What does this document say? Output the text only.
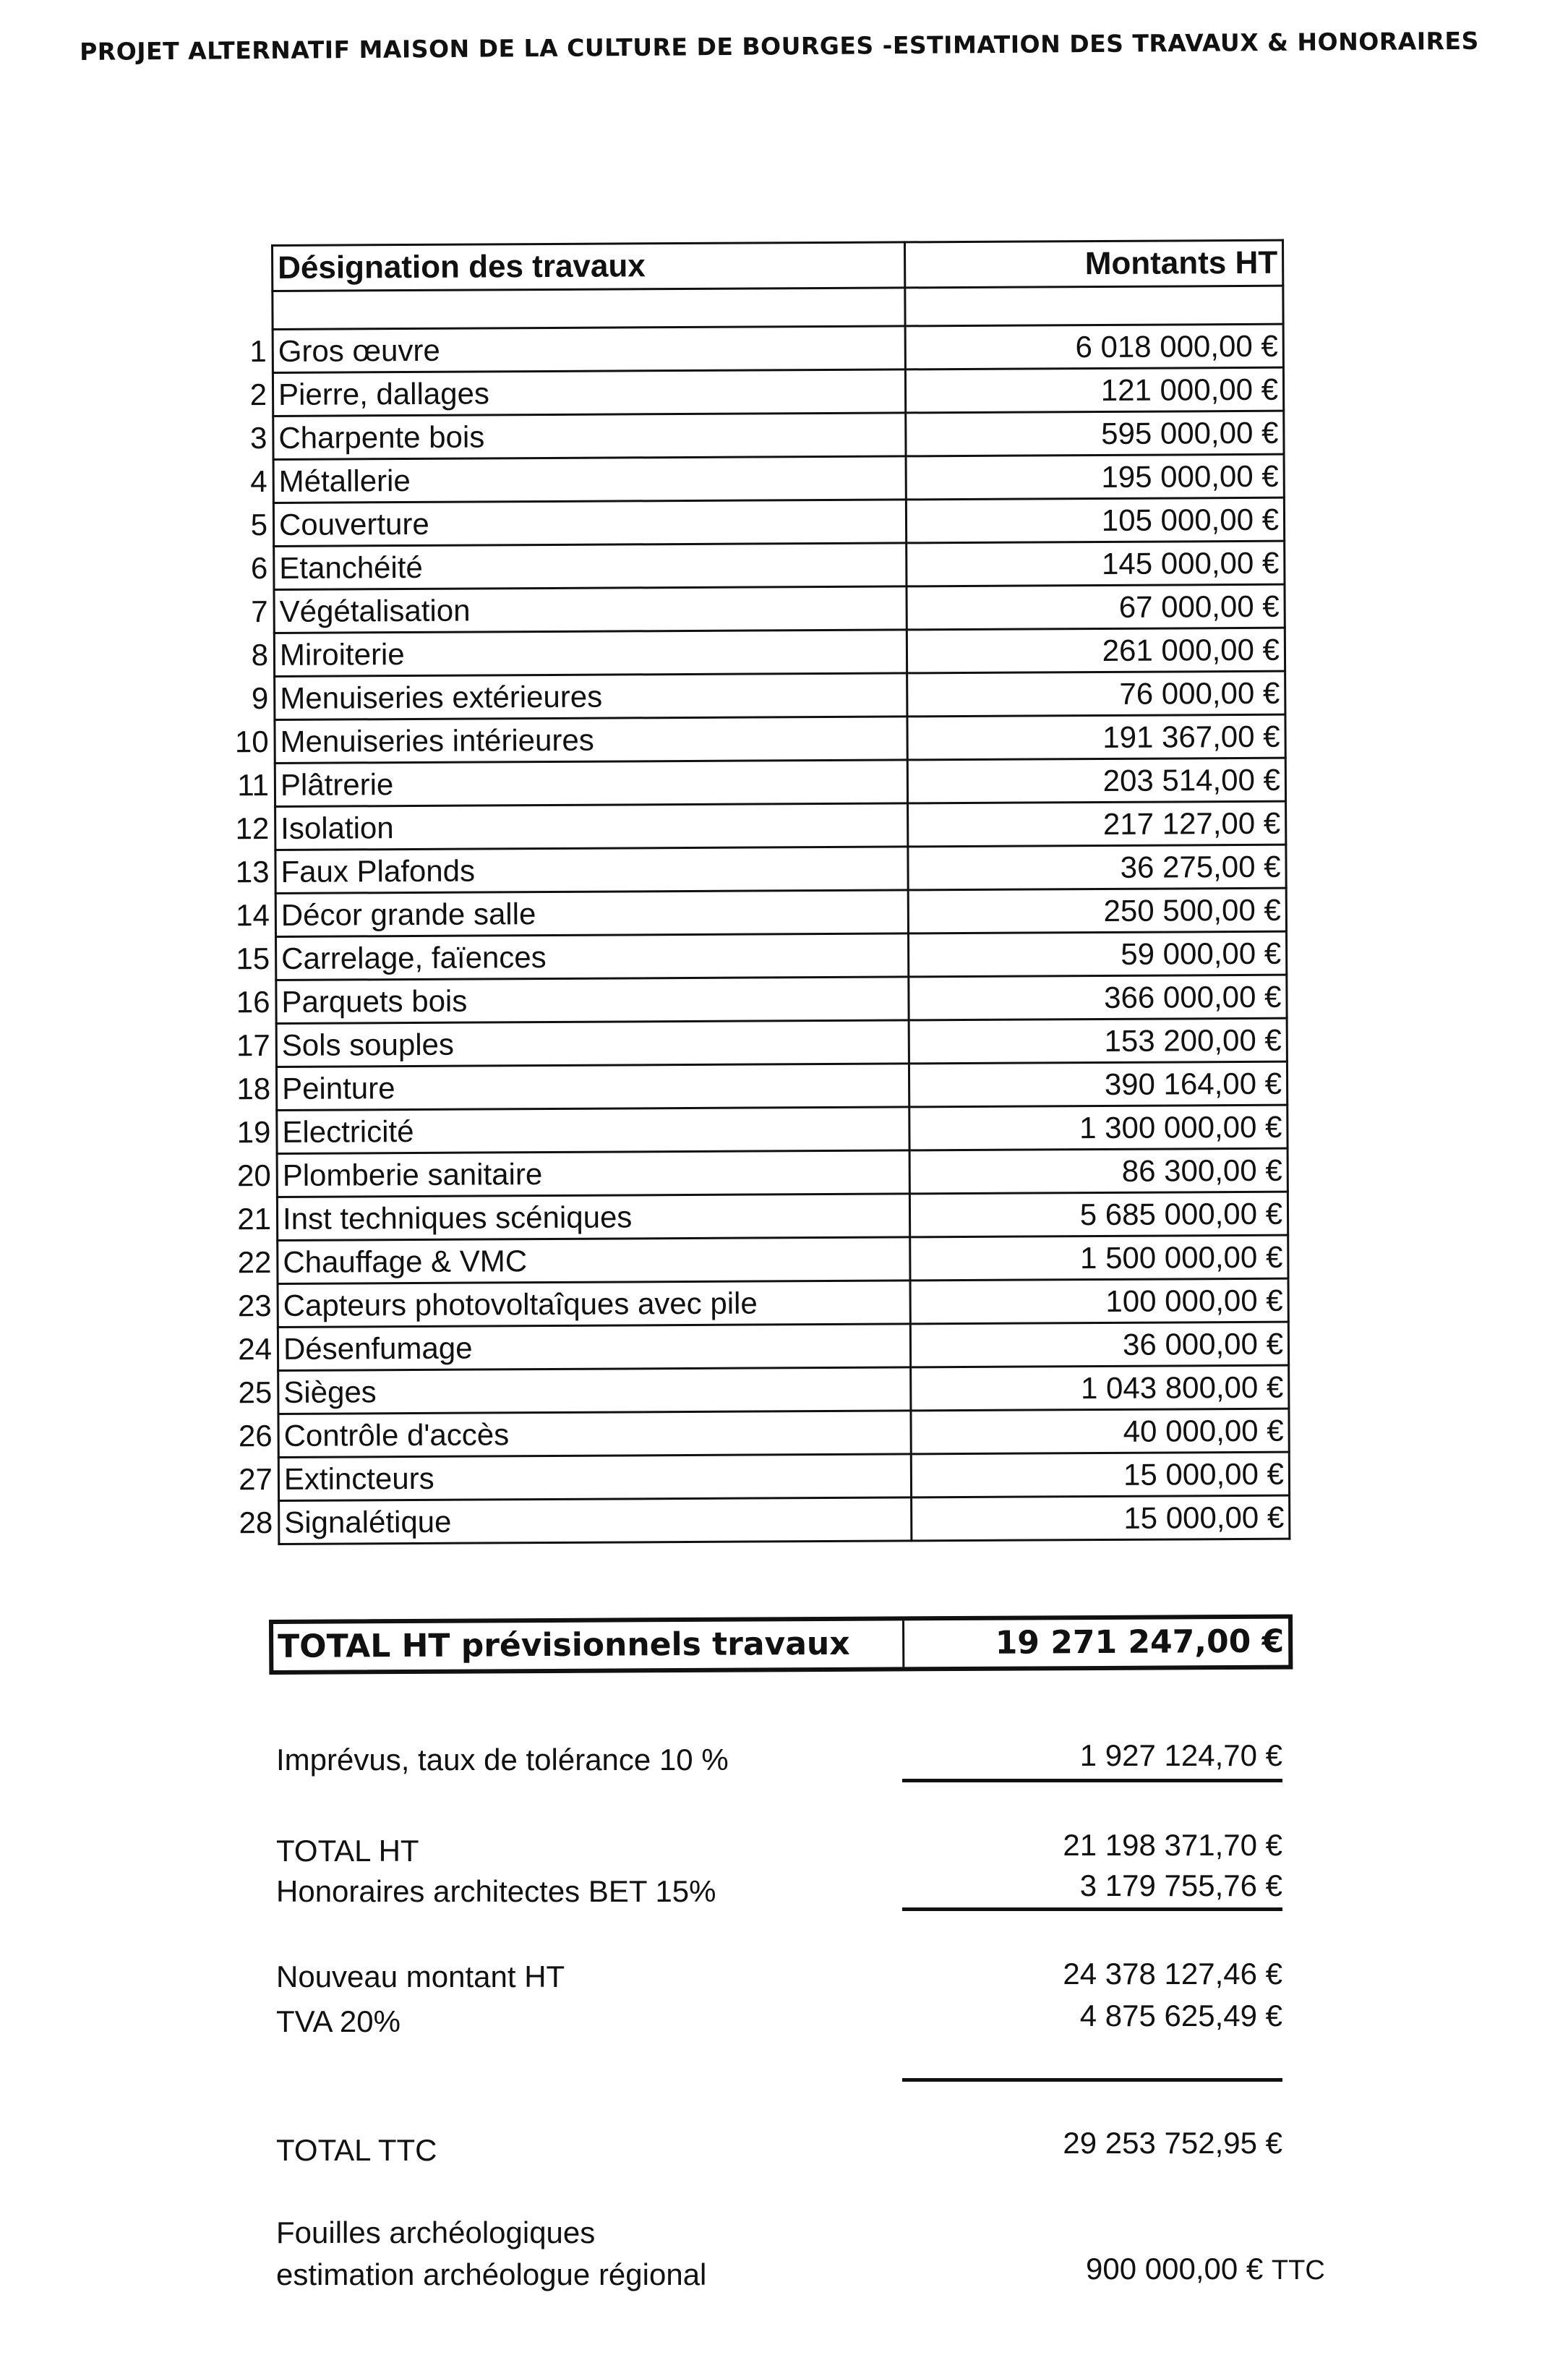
PROJET ALTERNATIF MAISON DE LA CULTURE DE BOURGES -ESTIMATION DES TRAVAUX & HONORAIRES
Désignation des travaux	Montants HT

1 Gros œuvre	6 018 000,00 €

2 Pierre, dallages	121 000,00 €

3 Charpente bois	595 000,00 €

4 Métallerie	195 000,00 €

5 Couverture	105 000,00 €

6 Etanchéité	145 000,00 €

7 Végétalisation	67 000,00 €

8 Miroiterie	261 000,00 €

9 Menuiseries extérieures	76 000,00 €

10 Menuiseries intérieures	191 367,00 €

11 Plâtrerie	203 514,00 €

12 Isolation	217 127,00 €

13 Faux Plafonds	36 275,00 €

14 Décor grande salle	250 500,00 €

15 Carrelage, faïences	59 000,00 €

16 Parquets bois	366 000,00 €

17 Sols souples	153 200,00 €

18 Peinture	390 164,00 €

19 Electricité	1 300 000,00 €

20 Plomberie sanitaire	86 300,00 €

21 Inst techniques scéniques	5 685 000,00 €

22 Chauffage & VMC	1 500 000,00 €

23 Capteurs photovoltaîques avec pile	100 000,00 €

24 Désenfumage	36 000,00 €

25 Sièges	1 043 800,00 €

26 Contrôle d'accès	40 000,00 €

27 Extincteurs	15 000,00 €

28 Signalétique	15 000,00 €
TOTAL HT prévisionnels travaux	19 271 247,00 €
Imprévus, taux de tolérance 10 %	1 927 124,70 €
TOTAL HT	21 198 371,70 €
Honoraires architectes BET 15%	3 179 755,76 €
Nouveau montant HT	24 378 127,46 €
TVA 20%	4 875 625,49 €
TOTAL TTC	29 253 752,95 €
Fouilles archéologiques
estimation archéologue régional	900 000,00 € TTC
